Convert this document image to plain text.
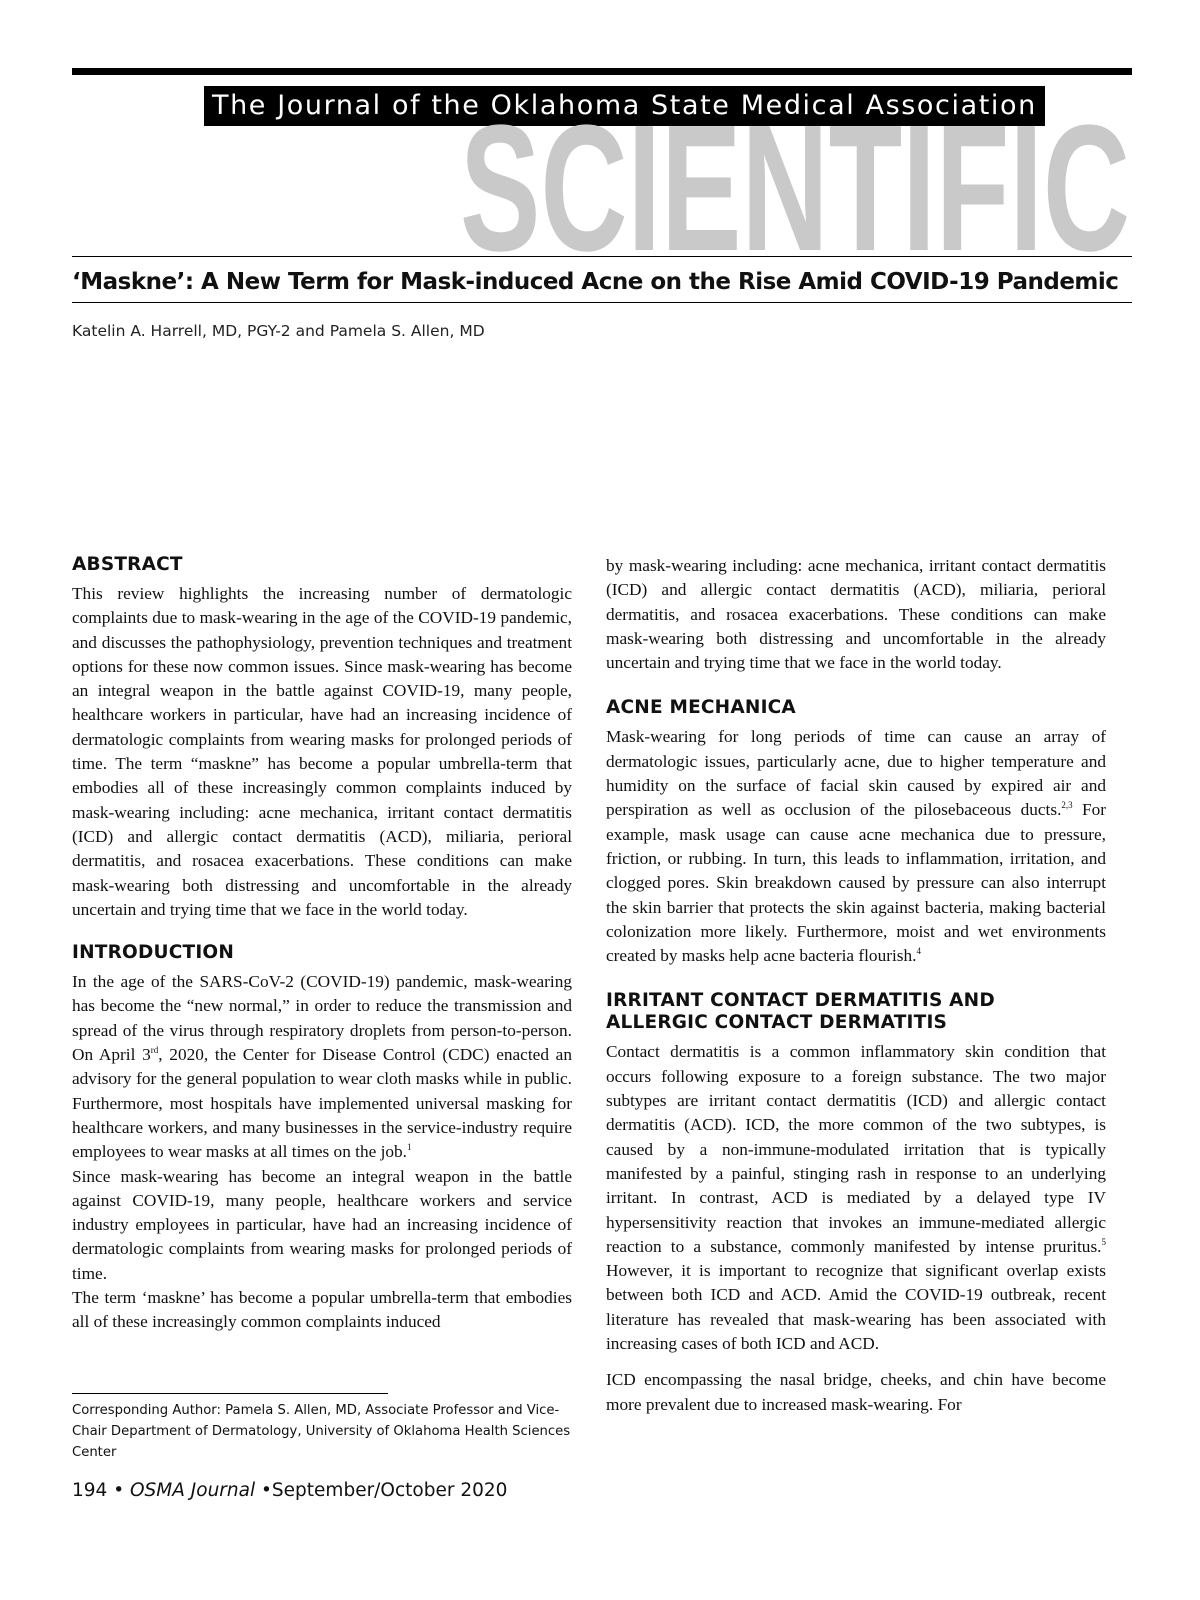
The Journal of the Oklahoma State Medical Association
SCIENTIFIC
‘Maskne’: A New Term for Mask-induced Acne on the Rise Amid COVID-19 Pandemic
Katelin A. Harrell, MD, PGY-2 and Pamela S. Allen, MD
ABSTRACT

This review highlights the increasing number of dermatologic complaints due to mask-wearing in the age of the COVID-19 pandemic, and discusses the pathophysiology, prevention techniques and treatment options for these now common issues. Since mask-wearing has become an integral weapon in the battle against COVID-19, many people, healthcare workers in particular, have had an increasing incidence of dermatologic complaints from wearing masks for prolonged periods of time. The term “maskne” has become a popular umbrella-term that embodies all of these increasingly common complaints induced by mask-wearing including: acne mechanica, irritant contact dermatitis (ICD) and allergic contact dermatitis (ACD), miliaria, perioral dermatitis, and rosacea exacerbations. These conditions can make mask-wearing both distressing and uncomfortable in the already uncertain and trying time that we face in the world today.

INTRODUCTION

In the age of the SARS-CoV-2 (COVID-19) pandemic, mask-wearing has become the “new normal,” in order to reduce the transmission and spread of the virus through respiratory droplets from person-to-person. On April 3rd, 2020, the Center for Disease Control (CDC) enacted an advisory for the general population to wear cloth masks while in public. Furthermore, most hospitals have implemented universal masking for healthcare workers, and many businesses in the service-industry require employees to wear masks at all times on the job.$^1$

Since mask-wearing has become an integral weapon in the battle against COVID-19, many people, healthcare workers and service industry employees in particular, have had an increasing incidence of dermatologic complaints from wearing masks for prolonged periods of time.

The term ‘maskne’ has become a popular umbrella-term that embodies all of these increasingly common complaints induced

by mask-wearing including: acne mechanica, irritant contact dermatitis (ICD) and allergic contact dermatitis (ACD), miliaria, perioral dermatitis, and rosacea exacerbations. These conditions can make mask-wearing both distressing and uncomfortable in the already uncertain and trying time that we face in the world today.

ACNE MECHANICA

Mask-wearing for long periods of time can cause an array of dermatologic issues, particularly acne, due to higher temperature and humidity on the surface of facial skin caused by expired air and perspiration as well as occlusion of the pilosebaceous ducts.$^{2,3}$ For example, mask usage can cause acne mechanica due to pressure, friction, or rubbing. In turn, this leads to inflammation, irritation, and clogged pores. Skin breakdown caused by pressure can also interrupt the skin barrier that protects the skin against bacteria, making bacterial colonization more likely. Furthermore, moist and wet environments created by masks help acne bacteria flourish.$^4$

IRRITANT CONTACT DERMATITIS AND
ALLERGIC CONTACT DERMATITIS

Contact dermatitis is a common inflammatory skin condition that occurs following exposure to a foreign substance. The two major subtypes are irritant contact dermatitis (ICD) and allergic contact dermatitis (ACD). ICD, the more common of the two subtypes, is caused by a non-immune-modulated irritation that is typically manifested by a painful, stinging rash in response to an underlying irritant. In contrast, ACD is mediated by a delayed type IV hypersensitivity reaction that invokes an immune-mediated allergic reaction to a substance, commonly manifested by intense pruritus.$^5$ However, it is important to recognize that significant overlap exists between both ICD and ACD. Amid the COVID-19 outbreak, recent literature has revealed that mask-wearing has been associated with increasing cases of both ICD and ACD.

ICD encompassing the nasal bridge, cheeks, and chin have become more prevalent due to increased mask-wearing. For

Corresponding Author: Pamela S. Allen, MD, Associate Professor and Vice-Chair Department of Dermatology, University of Oklahoma Health Sciences Center

194 • OSMA Journal •September/October 2020
